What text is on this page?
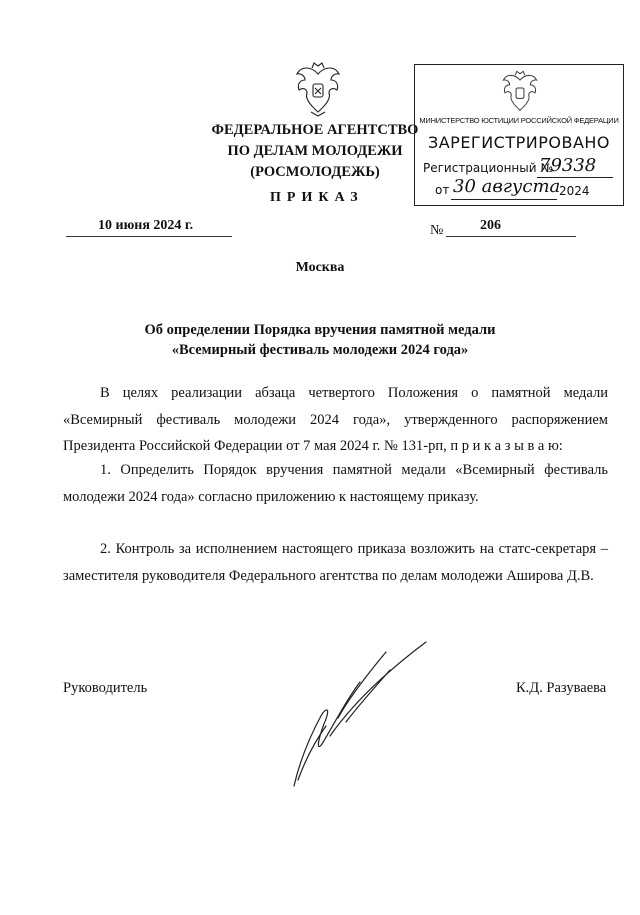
ФЕДЕРАЛЬНОЕ АГЕНТСТВО
ПО ДЕЛАМ МОЛОДЕЖИ
(РОСМОЛОДЕЖЬ)
ПРИКАЗ
МИНИСТЕРСТВО ЮСТИЦИИ РОССИЙСКОЙ ФЕДЕРАЦИИ
ЗАРЕГИСТРИРОВАНО
Регистрационный №
79338
от 30 августа
2024
10 июня 2024 г.	№	206
Москва
Об определении Порядка вручения памятной медали
«Всемирный фестиваль молодежи 2024 года»
В целях реализации абзаца четвертого Положения о памятной медали «Всемирный фестиваль молодежи 2024 года», утвержденного распоряжением Президента Российской Федерации от 7 мая 2024 г. № 131-рп, п р и к а з ы в а ю:
1. Определить Порядок вручения памятной медали «Всемирный фестиваль молодежи 2024 года» согласно приложению к настоящему приказу.
2. Контроль за исполнением настоящего приказа возложить на статс-секретаря – заместителя руководителя Федерального агентства по делам молодежи Аширова Д.В.
Руководитель	К.Д. Разуваева
